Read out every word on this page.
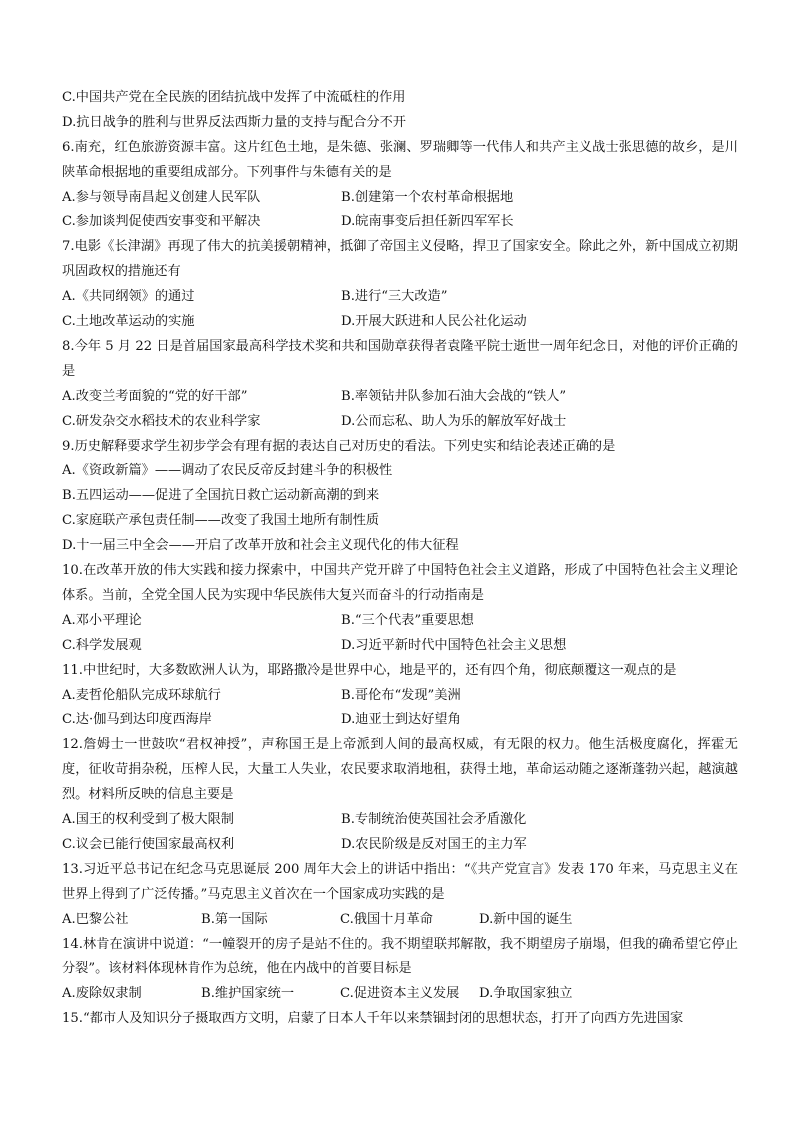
C.中国共产党在全民族的团结抗战中发挥了中流砥柱的作用
D.抗日战争的胜利与世界反法西斯力量的支持与配合分不开
6.南充，红色旅游资源丰富。这片红色土地，是朱德、张澜、罗瑞卿等一代伟人和共产主义战士张思德的故乡，是川陕革命根据地的重要组成部分。下列事件与朱德有关的是
A.参与领导南昌起义创建人民军队	B.创建第一个农村革命根据地
C.参加谈判促使西安事变和平解决	D.皖南事变后担任新四军军长
7.电影《长津湖》再现了伟大的抗美援朝精神，抵御了帝国主义侵略，捍卫了国家安全。除此之外，新中国成立初期巩固政权的措施还有
A.《共同纲领》的通过	B.进行“三大改造”
C.土地改革运动的实施	D.开展大跃进和人民公社化运动
8.今年 5 月 22 日是首届国家最高科学技术奖和共和国勋章获得者袁隆平院士逝世一周年纪念日，对他的评价正确的是
A.改变兰考面貌的“党的好干部”	B.率领钻井队参加石油大会战的“铁人”
C.研发杂交水稻技术的农业科学家	D.公而忘私、助人为乐的解放军好战士
9.历史解释要求学生初步学会有理有据的表达自己对历史的看法。下列史实和结论表述正确的是
A.《资政新篇》——调动了农民反帝反封建斗争的积极性
B.五四运动——促进了全国抗日救亡运动新高潮的到来
C.家庭联产承包责任制——改变了我国土地所有制性质
D.十一届三中全会——开启了改革开放和社会主义现代化的伟大征程
10.在改革开放的伟大实践和接力探索中，中国共产党开辟了中国特色社会主义道路，形成了中国特色社会主义理论体系。当前，全党全国人民为实现中华民族伟大复兴而奋斗的行动指南是
A.邓小平理论	B.“三个代表”重要思想
C.科学发展观	D.习近平新时代中国特色社会主义思想
11.中世纪时，大多数欧洲人认为，耶路撒冷是世界中心，地是平的，还有四个角，彻底颠覆这一观点的是
A.麦哲伦船队完成环球航行	B.哥伦布“发现”美洲
C.达·伽马到达印度西海岸	D.迪亚士到达好望角
12.詹姆士一世鼓吹“君权神授”，声称国王是上帝派到人间的最高权威，有无限的权力。他生活极度腐化，挥霍无度，征收苛捐杂税，压榨人民，大量工人失业，农民要求取消地租，获得土地，革命运动随之逐渐蓬勃兴起，越演越烈。材料所反映的信息主要是
A.国王的权利受到了极大限制	B.专制统治使英国社会矛盾激化
C.议会已能行使国家最高权利	D.农民阶级是反对国王的主力军
13.习近平总书记在纪念马克思诞辰 200 周年大会上的讲话中指出：“《共产党宣言》发表 170 年来，马克思主义在世界上得到了广泛传播。”马克思主义首次在一个国家成功实践的是
A.巴黎公社	B.第一国际	C.俄国十月革命	D.新中国的诞生
14.林肯在演讲中说道：“一幢裂开的房子是站不住的。我不期望联邦解散，我不期望房子崩塌，但我的确希望它停止分裂”。该材料体现林肯作为总统，他在内战中的首要目标是
A.废除奴隶制	B.维护国家统一	C.促进资本主义发展	D.争取国家独立
15.“都市人及知识分子摄取西方文明，启蒙了日本人千年以来禁锢封闭的思想状态，打开了向西方先进国家
